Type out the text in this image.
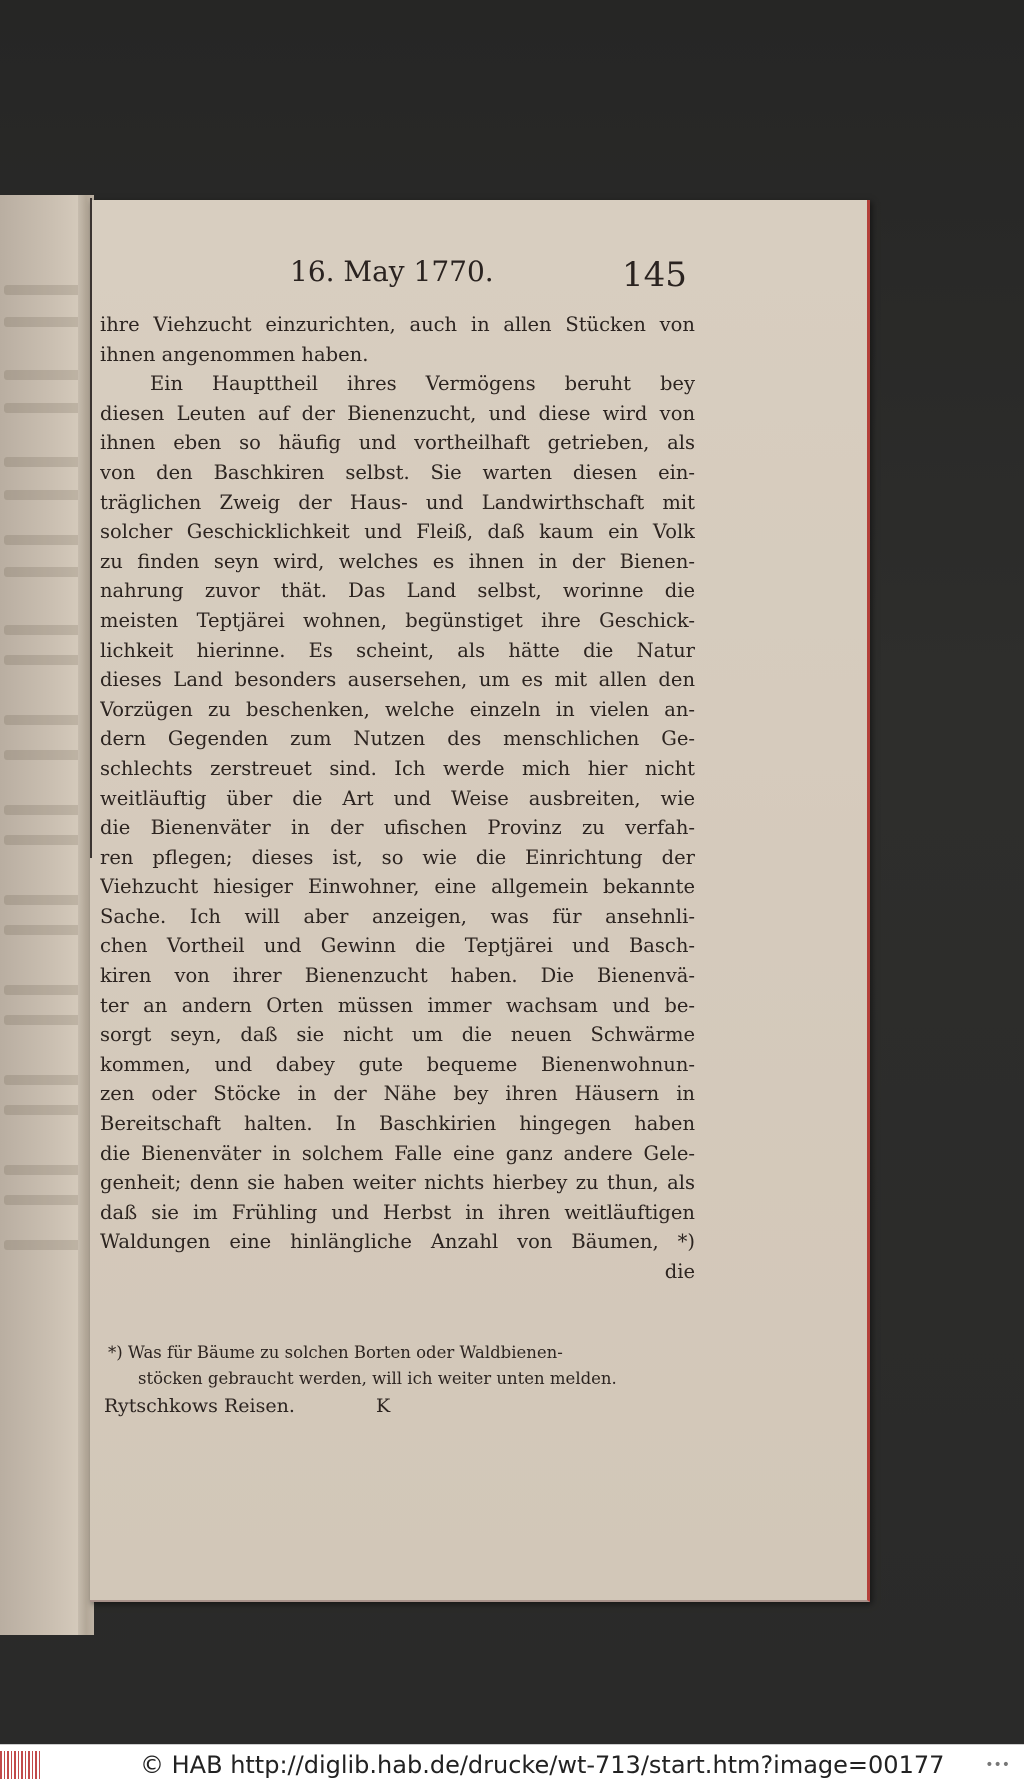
16. May 1770.	145
ihre Viehzucht einzurichten, auch in allen Stücken von
ihnen angenommen haben.
Ein Haupttheil ihres Vermögens beruht bey
diesen Leuten auf der Bienenzucht, und diese wird von
ihnen eben so häufig und vortheilhaft getrieben, als
von den Baschkiren selbst. Sie warten diesen ein-
träglichen Zweig der Haus- und Landwirthschaft mit
solcher Geschicklichkeit und Fleiß, daß kaum ein Volk
zu finden seyn wird, welches es ihnen in der Bienen-
nahrung zuvor thät. Das Land selbst, worinne die
meisten Teptjärei wohnen, begünstiget ihre Geschick-
lichkeit hierinne. Es scheint, als hätte die Natur
dieses Land besonders ausersehen, um es mit allen den
Vorzügen zu beschenken, welche einzeln in vielen an-
dern Gegenden zum Nutzen des menschlichen Ge-
schlechts zerstreuet sind. Ich werde mich hier nicht
weitläuftig über die Art und Weise ausbreiten, wie
die Bienenväter in der ufischen Provinz zu verfah-
ren pflegen; dieses ist, so wie die Einrichtung der
Viehzucht hiesiger Einwohner, eine allgemein bekannte
Sache. Ich will aber anzeigen, was für ansehnli-
chen Vortheil und Gewinn die Teptjärei und Basch-
kiren von ihrer Bienenzucht haben. Die Bienenvä-
ter an andern Orten müssen immer wachsam und be-
sorgt seyn, daß sie nicht um die neuen Schwärme
kommen, und dabey gute bequeme Bienenwohnun-
zen oder Stöcke in der Nähe bey ihren Häusern in
Bereitschaft halten. In Baschkirien hingegen haben
die Bienenväter in solchem Falle eine ganz andere Gele-
genheit; denn sie haben weiter nichts hierbey zu thun, als
daß sie im Frühling und Herbst in ihren weitläuftigen
Waldungen eine hinlängliche Anzahl von Bäumen, *)
die
*) Was für Bäume zu solchen Borten oder Waldbienen-
stöcken gebraucht werden, will ich weiter unten melden.
Rytschkows Reisen.	K
© HAB http://diglib.hab.de/drucke/wt-713/start.htm?image=00177	•••
